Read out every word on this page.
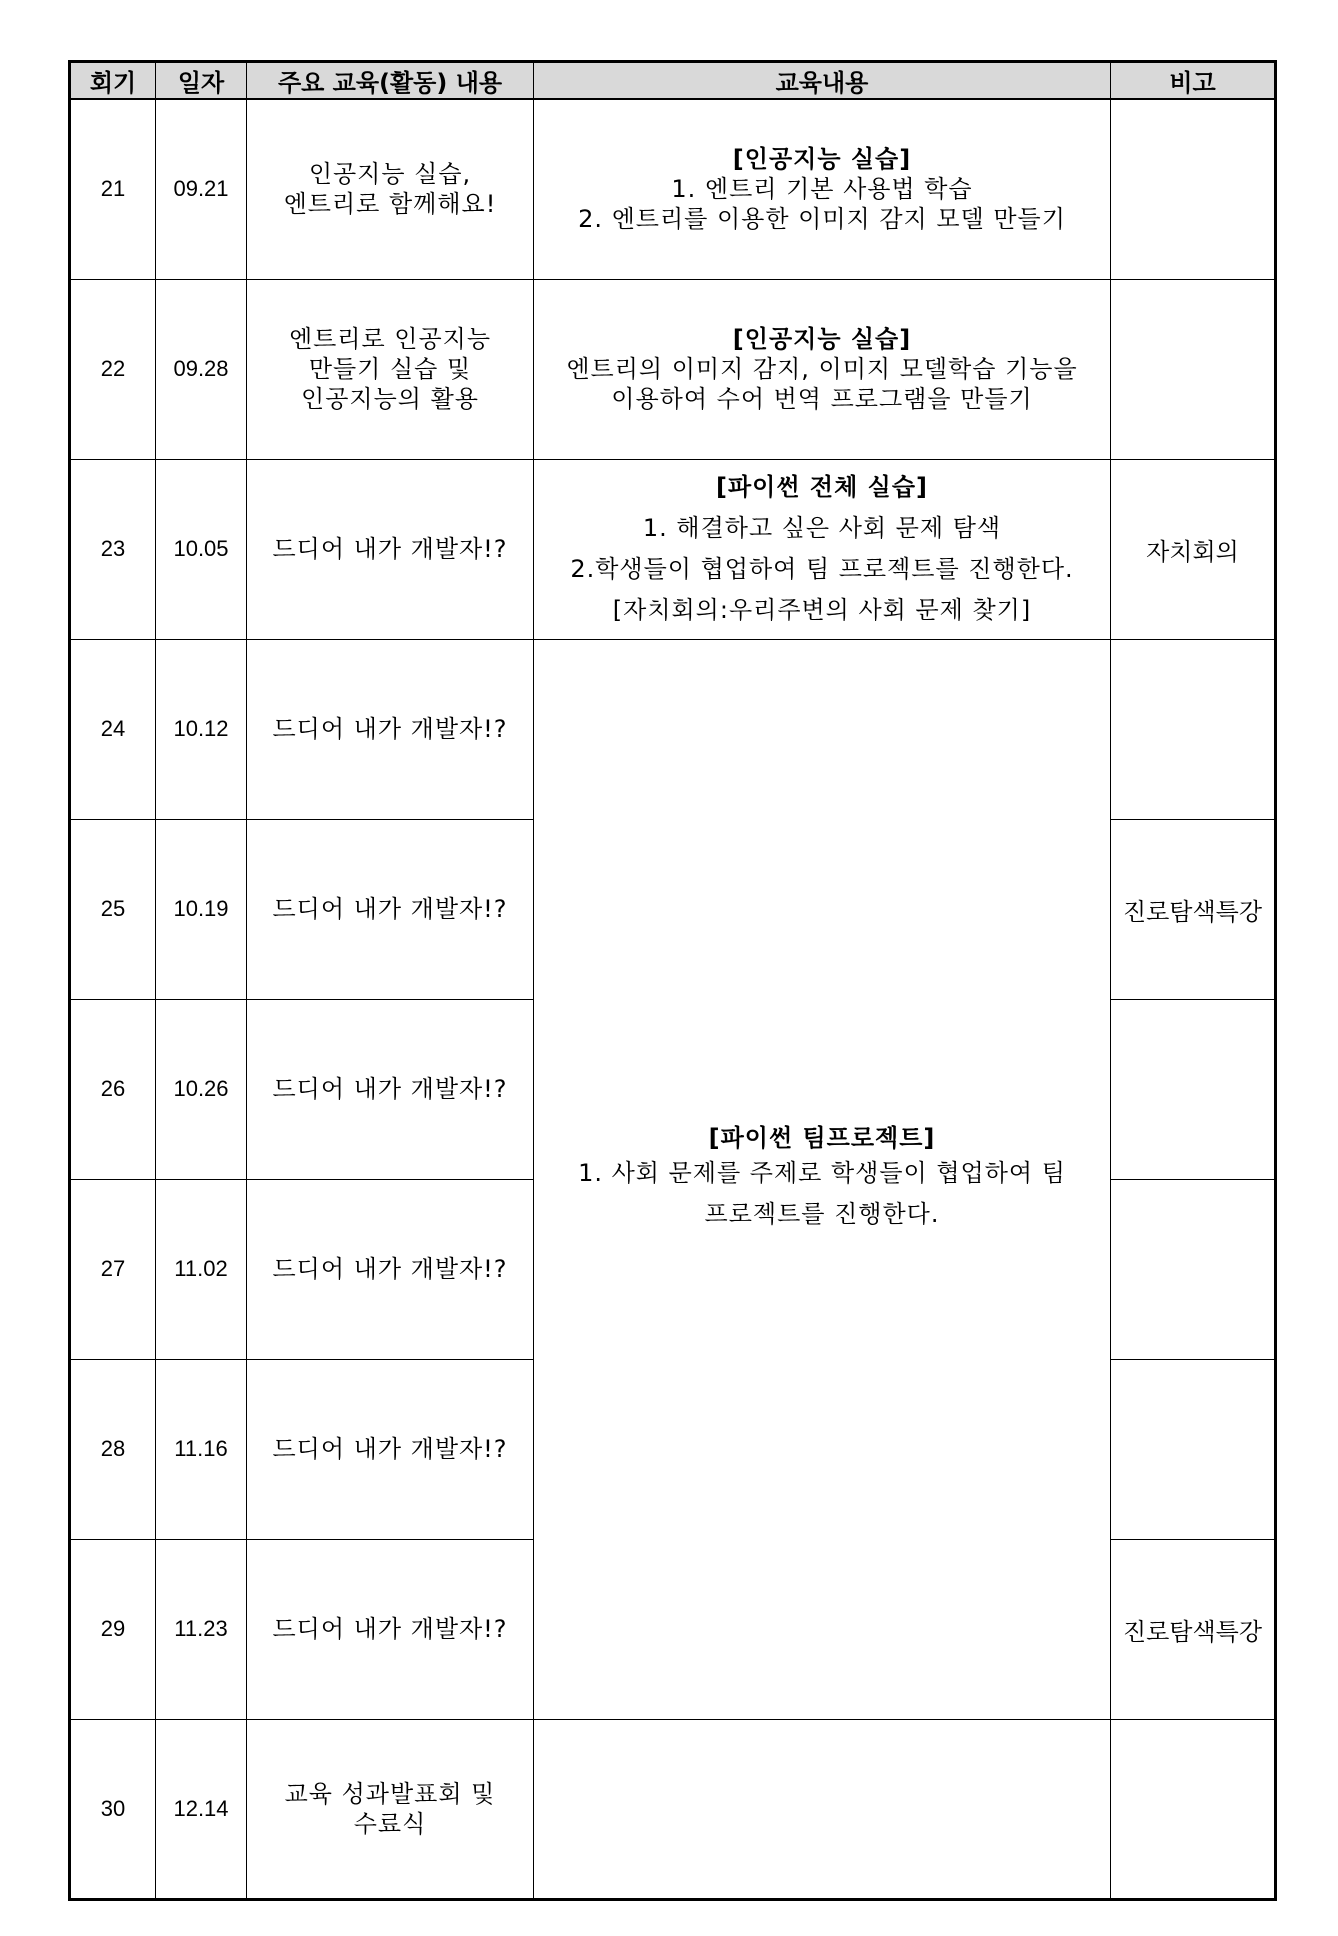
회기	일자	주요 교육(활동) 내용	교육내용	비고
21	09.21	인공지능 실습,
엔트리로 함께해요!	[인공지능 실습]
1. 엔트리 기본 사용법 학습
2. 엔트리를 이용한 이미지 감지 모델 만들기	

22	09.28	엔트리로 인공지능
만들기 실습 및
인공지능의 활용	[인공지능 실습]
엔트리의 이미지 감지, 이미지 모델학습 기능을
이용하여 수어 번역 프로그램을 만들기	

23	10.05	드디어 내가 개발자!?	[파이썬 전체 실습]
1. 해결하고 싶은 사회 문제 탐색
2.학생들이 협업하여 팀 프로젝트를 진행한다.
[자치회의:우리주변의 사회 문제 찾기]	자치회의
24	10.12	드디어 내가 개발자!?	[파이썬 팀프로젝트]
1. 사회 문제를 주제로 학생들이 협업하여 팀
프로젝트를 진행한다.	

25	10.19	드디어 내가 개발자!?		진로탐색특강
26	10.26	드디어 내가 개발자!?		

27	11.02	드디어 내가 개발자!?		

28	11.16	드디어 내가 개발자!?		

29	11.23	드디어 내가 개발자!?		진로탐색특강
30	12.14	교육 성과발표회 및
수료식		
